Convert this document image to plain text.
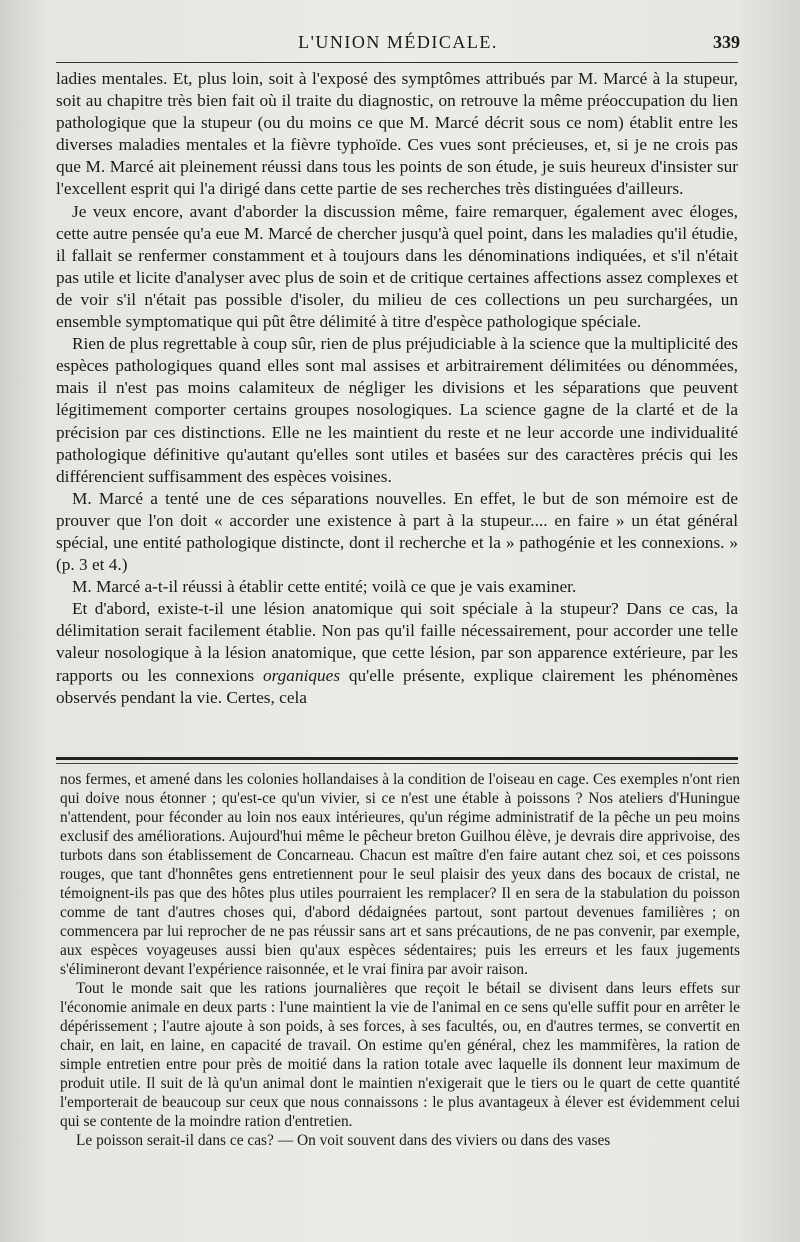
L'UNION MÉDICALE.	339

ladies mentales. Et, plus loin, soit à l'exposé des symptômes attribués par M. Marcé à la stupeur, soit au chapitre très bien fait où il traite du diagnostic, on retrouve la même préoccupation du lien pathologique que la stupeur (ou du moins ce que M. Marcé décrit sous ce nom) établit entre les diverses maladies mentales et la fièvre typhoïde. Ces vues sont précieuses, et, si je ne crois pas que M. Marcé ait pleinement réussi dans tous les points de son étude, je suis heureux d'insister sur l'excellent esprit qui l'a dirigé dans cette partie de ses recherches très distinguées d'ailleurs.

Je veux encore, avant d'aborder la discussion même, faire remarquer, également avec éloges, cette autre pensée qu'a eue M. Marcé de chercher jusqu'à quel point, dans les maladies qu'il étudie, il fallait se renfermer constamment et à toujours dans les dénominations indiquées, et s'il n'était pas utile et licite d'analyser avec plus de soin et de critique certaines affections assez complexes et de voir s'il n'était pas possible d'isoler, du milieu de ces collections un peu surchargées, un ensemble symptomatique qui pût être délimité à titre d'espèce pathologique spéciale.

Rien de plus regrettable à coup sûr, rien de plus préjudiciable à la science que la multiplicité des espèces pathologiques quand elles sont mal assises et arbitrairement délimitées ou dénommées, mais il n'est pas moins calamiteux de négliger les divisions et les séparations que peuvent légitimement comporter certains groupes nosologiques. La science gagne de la clarté et de la précision par ces distinctions. Elle ne les maintient du reste et ne leur accorde une individualité pathologique définitive qu'autant qu'elles sont utiles et basées sur des caractères précis qui les différencient suffisamment des espèces voisines.

M. Marcé a tenté une de ces séparations nouvelles. En effet, le but de son mémoire est de prouver que l'on doit « accorder une existence à part à la stupeur.... en faire » un état général spécial, une entité pathologique distincte, dont il recherche et la » pathogénie et les connexions. » (p. 3 et 4.)

M. Marcé a-t-il réussi à établir cette entité; voilà ce que je vais examiner.

Et d'abord, existe-t-il une lésion anatomique qui soit spéciale à la stupeur? Dans ce cas, la délimitation serait facilement établie. Non pas qu'il faille nécessairement, pour accorder une telle valeur nosologique à la lésion anatomique, que cette lésion, par son apparence extérieure, par les rapports ou les connexions organiques qu'elle présente, explique clairement les phénomènes observés pendant la vie. Certes, cela

nos fermes, et amené dans les colonies hollandaises à la condition de l'oiseau en cage. Ces exemples n'ont rien qui doive nous étonner ; qu'est-ce qu'un vivier, si ce n'est une étable à poissons ? Nos ateliers d'Huningue n'attendent, pour féconder au loin nos eaux intérieures, qu'un régime administratif de la pêche un peu moins exclusif des améliorations. Aujourd'hui même le pêcheur breton Guilhou élève, je devrais dire apprivoise, des turbots dans son établissement de Concarneau. Chacun est maître d'en faire autant chez soi, et ces poissons rouges, que tant d'honnêtes gens entretiennent pour le seul plaisir des yeux dans des bocaux de cristal, ne témoignent-ils pas que des hôtes plus utiles pourraient les remplacer? Il en sera de la stabulation du poisson comme de tant d'autres choses qui, d'abord dédaignées partout, sont partout devenues familières ; on commencera par lui reprocher de ne pas réussir sans art et sans précautions, de ne pas convenir, par exemple, aux espèces voyageuses aussi bien qu'aux espèces sédentaires; puis les erreurs et les faux jugements s'élimineront devant l'expérience raisonnée, et le vrai finira par avoir raison.

Tout le monde sait que les rations journalières que reçoit le bétail se divisent dans leurs effets sur l'économie animale en deux parts : l'une maintient la vie de l'animal en ce sens qu'elle suffit pour en arrêter le dépérissement ; l'autre ajoute à son poids, à ses forces, à ses facultés, ou, en d'autres termes, se convertit en chair, en lait, en laine, en capacité de travail. On estime qu'en général, chez les mammifères, la ration de simple entretien entre pour près de moitié dans la ration totale avec laquelle ils donnent leur maximum de produit utile. Il suit de là qu'un animal dont le maintien n'exigerait que le tiers ou le quart de cette quantité l'emporterait de beaucoup sur ceux que nous connaissons : le plus avantageux à élever est évidemment celui qui se contente de la moindre ration d'entretien.

Le poisson serait-il dans ce cas? — On voit souvent dans des viviers ou dans des vases
